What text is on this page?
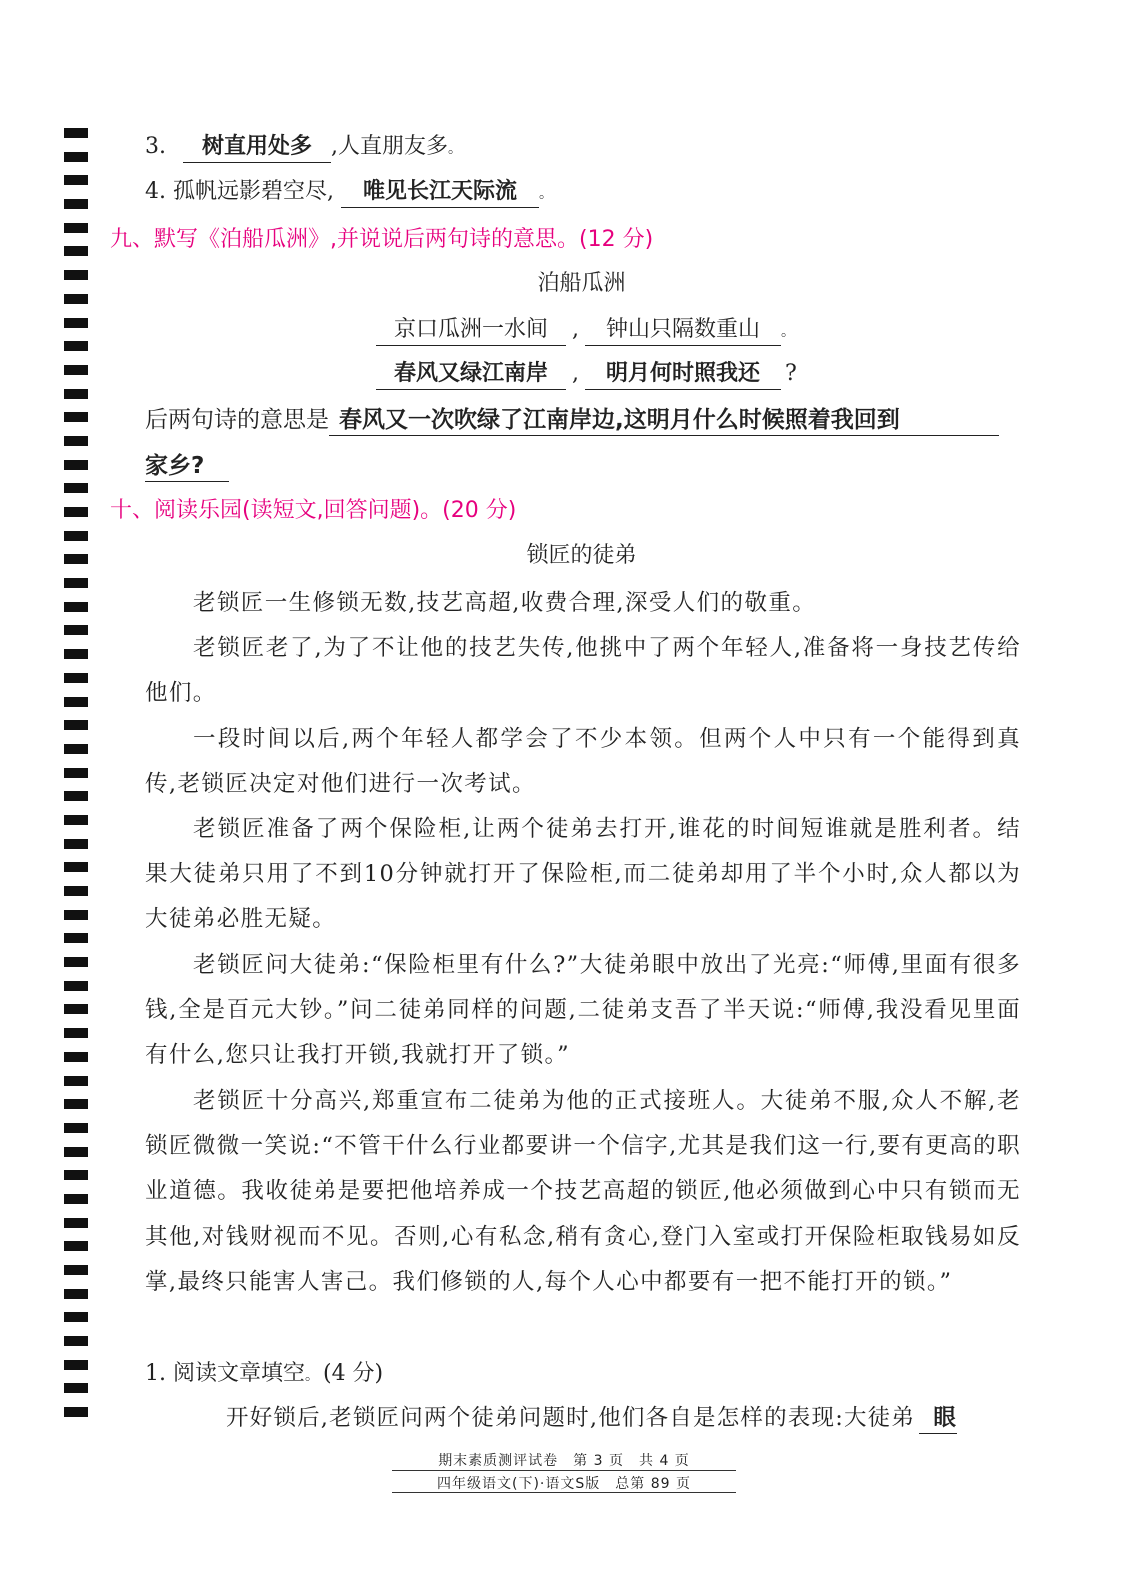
3. 树直用处多 ,人直朋友多。
4. 孤帆远影碧空尽, 唯见长江天际流 。
九、默写《泊船瓜洲》,并说说后两句诗的意思。(12 分)
泊船瓜洲
京口瓜洲一水间 , 钟山只隔数重山 。
春风又绿江南岸 , 明月何时照我还 ?
后两句诗的意思是 春风又一次吹绿了江南岸边,这明月什么时候照着我回到
家乡?
十、阅读乐园(读短文,回答问题)。(20 分)
锁匠的徒弟

老锁匠一生修锁无数,技艺高超,收费合理,深受人们的敬重。

老锁匠老了,为了不让他的技艺失传,他挑中了两个年轻人,准备将一身技艺传给他们。

一段时间以后,两个年轻人都学会了不少本领。但两个人中只有一个能得到真传,老锁匠决定对他们进行一次考试。

老锁匠准备了两个保险柜,让两个徒弟去打开,谁花的时间短谁就是胜利者。结果大徒弟只用了不到10分钟就打开了保险柜,而二徒弟却用了半个小时,众人都以为大徒弟必胜无疑。

老锁匠问大徒弟:“保险柜里有什么?”大徒弟眼中放出了光亮:“师傅,里面有很多钱,全是百元大钞。”问二徒弟同样的问题,二徒弟支吾了半天说:“师傅,我没看见里面有什么,您只让我打开锁,我就打开了锁。”

老锁匠十分高兴,郑重宣布二徒弟为他的正式接班人。大徒弟不服,众人不解,老锁匠微微一笑说:“不管干什么行业都要讲一个信字,尤其是我们这一行,要有更高的职业道德。我收徒弟是要把他培养成一个技艺高超的锁匠,他必须做到心中只有锁而无其他,对钱财视而不见。否则,心有私念,稍有贪心,登门入室或打开保险柜取钱易如反掌,最终只能害人害己。我们修锁的人,每个人心中都要有一把不能打开的锁。”

1. 阅读文章填空。 (4 分)
开好锁后,老锁匠问两个徒弟问题时,他们各自是怎样的表现:大徒弟 眼
期末素质测评试卷　第 3 页　共 4 页
四年级语文(下)·语文S版　总第 89 页
